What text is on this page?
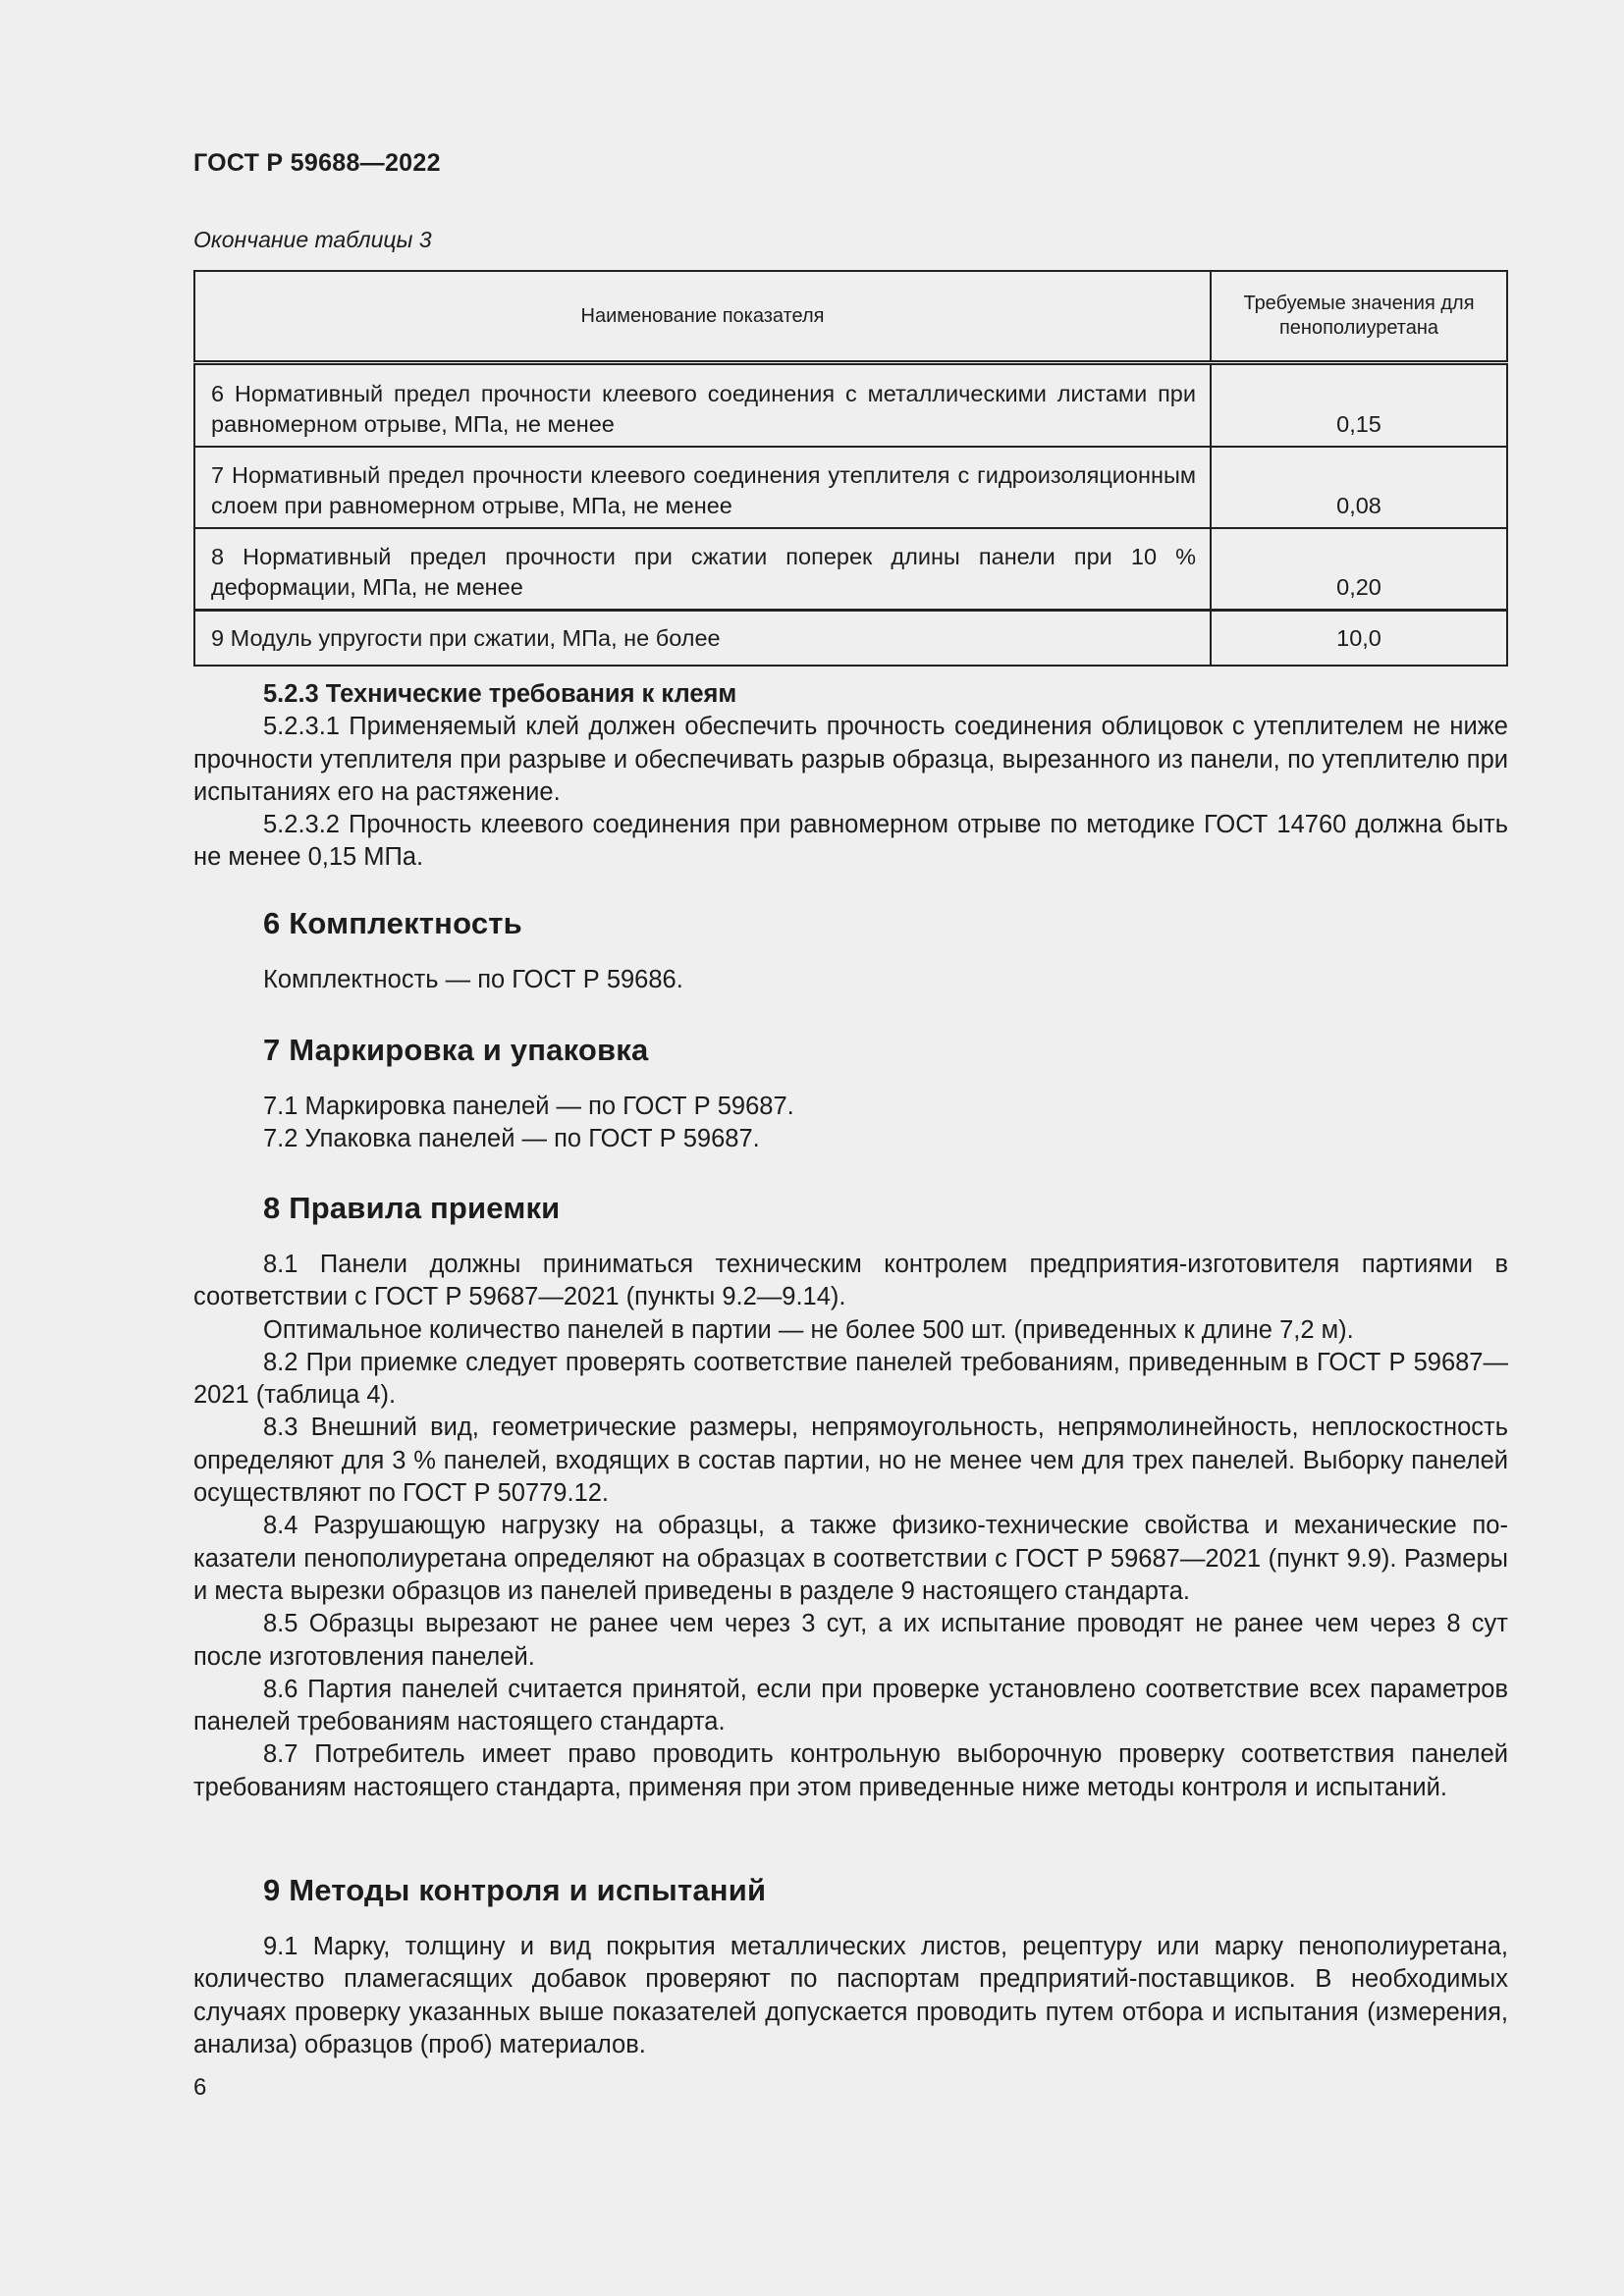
ГОСТ Р 59688—2022
Окончание таблицы 3
Наименование показателя	Требуемые значения для пенополиуретана
6 Нормативный предел прочности клеевого соединения с металлическими листами при равномерном отрыве, МПа, не менее	0,15
7 Нормативный предел прочности клеевого соединения утеплителя с гидроизоляционным слоем при равномерном отрыве, МПа, не менее	0,08
8 Нормативный предел прочности при сжатии поперек длины панели при 10 % деформации, МПа, не менее	0,20
9 Модуль упругости при сжатии, МПа, не более	10,0

5.2.3 Технические требования к клеям

5.2.3.1 Применяемый клей должен обеспечить прочность соединения облицовок с утеплителем не ниже прочности утеплителя при разрыве и обеспечивать разрыв образца, вырезанного из панели, по утеплителю при испытаниях его на растяжение.

5.2.3.2 Прочность клеевого соединения при равномерном отрыве по методике ГОСТ 14760 должна быть не менее 0,15 МПа.

6 Комплектность

Комплектность — по ГОСТ Р 59686.

7 Маркировка и упаковка

7.1 Маркировка панелей — по ГОСТ Р 59687.

7.2 Упаковка панелей — по ГОСТ Р 59687.

8 Правила приемки

8.1 Панели должны приниматься техническим контролем предприятия-изготовителя партиями в соответствии с ГОСТ Р 59687—2021 (пункты 9.2—9.14).

Оптимальное количество панелей в партии — не более 500 шт. (приведенных к длине 7,2 м).

8.2 При приемке следует проверять соответствие панелей требованиям, приведенным в ГОСТ Р 59687—2021 (таблица 4).

8.3 Внешний вид, геометрические размеры, непрямоугольность, непрямолинейность, неплоскостность определяют для 3 % панелей, входящих в состав партии, но не менее чем для трех панелей. Выборку панелей осуществляют по ГОСТ Р 50779.12.

8.4 Разрушающую нагрузку на образцы, а также физико-технические свойства и механические показатели пенополиуретана определяют на образцах в соответствии с ГОСТ Р 59687—2021 (пункт 9.9). Размеры и места вырезки образцов из панелей приведены в разделе 9 настоящего стандарта.

8.5 Образцы вырезают не ранее чем через 3 сут, а их испытание проводят не ранее чем через 8 сут после изготовления панелей.

8.6 Партия панелей считается принятой, если при проверке установлено соответствие всех параметров панелей требованиям настоящего стандарта.

8.7 Потребитель имеет право проводить контрольную выборочную проверку соответствия панелей требованиям настоящего стандарта, применяя при этом приведенные ниже методы контроля и испытаний.

9 Методы контроля и испытаний

9.1 Марку, толщину и вид покрытия металлических листов, рецептуру или марку пенополиуретана, количество пламегасящих добавок проверяют по паспортам предприятий-поставщиков. В необходимых случаях проверку указанных выше показателей допускается проводить путем отбора и испытания (измерения, анализа) образцов (проб) материалов.

6
